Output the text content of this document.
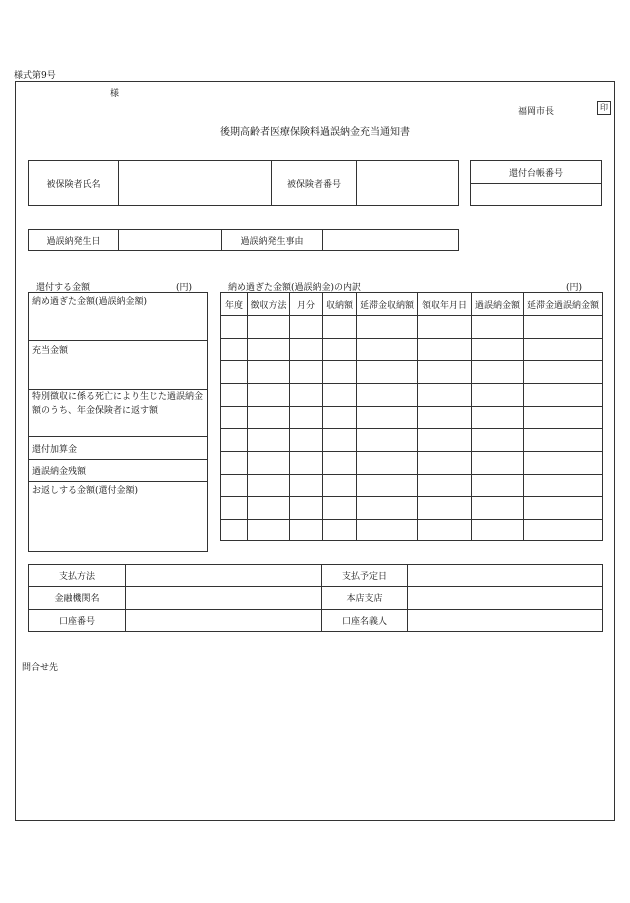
様式第9号
様
福岡市長	印
後期高齢者医療保険料過誤納金充当通知書
被保険者氏名		被保険者番号	
還付台帳番号

過誤納発生日		過誤納発生事由	
還付する金額	(円)
納め過ぎた金額(過誤納金額)
充当金額
特別徴収に係る死亡により生じた過誤納金額のうち、年金保険者に返す額
還付加算金
過誤納金残額
お返しする金額(還付金額)
納め過ぎた金額(過誤納金)の内訳	(円)
年度	徴収方法	月分	収納額	延滞金収納額	領収年月日	過誤納金額	延滞金過誤納金額

支払方法		支払予定日	
金融機関名		本店支店	
口座番号		口座名義人	
問合せ先
